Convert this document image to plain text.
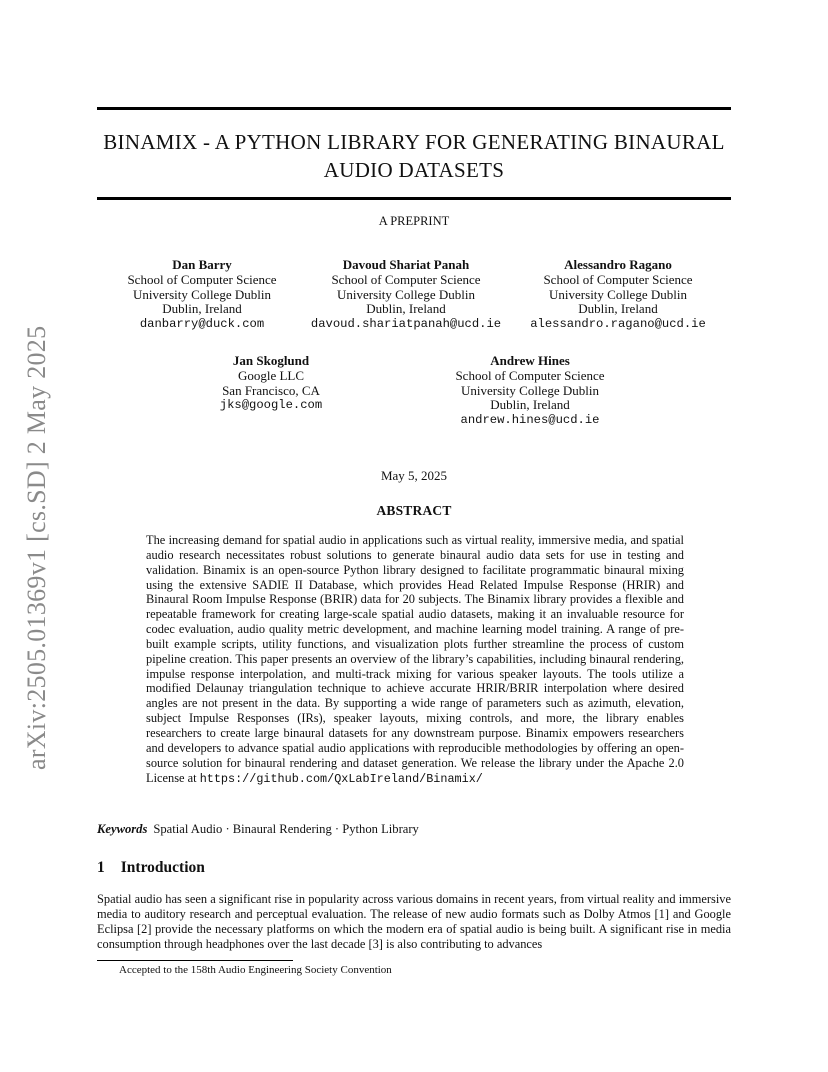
arXiv:2505.01369v1 [cs.SD] 2 May 2025
BINAMIX - A PYTHON LIBRARY FOR GENERATING BINAURAL
AUDIO DATASETS
A PREPRINT
Dan Barry
School of Computer Science
University College Dublin
Dublin, Ireland
danbarry@duck.com
Davoud Shariat Panah
School of Computer Science
University College Dublin
Dublin, Ireland
davoud.shariatpanah@ucd.ie
Alessandro Ragano
School of Computer Science
University College Dublin
Dublin, Ireland
alessandro.ragano@ucd.ie
Jan Skoglund
Google LLC
San Francisco, CA
jks@google.com
Andrew Hines
School of Computer Science
University College Dublin
Dublin, Ireland
andrew.hines@ucd.ie
May 5, 2025
ABSTRACT

The increasing demand for spatial audio in applications such as virtual reality, immersive media, and spatial audio research necessitates robust solutions to generate binaural audio data sets for use in testing and validation. Binamix is an open-source Python library designed to facilitate programmatic binaural mixing using the extensive SADIE II Database, which provides Head Related Impulse Response (HRIR) and Binaural Room Impulse Response (BRIR) data for 20 subjects. The Binamix library provides a flexible and repeatable framework for creating large-scale spatial audio datasets, making it an invaluable resource for codec evaluation, audio quality metric development, and machine learning model training. A range of pre-built example scripts, utility functions, and visualization plots further streamline the process of custom pipeline creation. This paper presents an overview of the library’s capabilities, including binaural rendering, impulse response interpolation, and multi-track mixing for various speaker layouts. The tools utilize a modified Delaunay triangulation technique to achieve accurate HRIR/BRIR interpolation where desired angles are not present in the data. By supporting a wide range of parameters such as azimuth, elevation, subject Impulse Responses (IRs), speaker layouts, mixing controls, and more, the library enables researchers to create large binaural datasets for any downstream purpose. Binamix empowers researchers and developers to advance spatial audio applications with reproducible methodologies by offering an open-source solution for binaural rendering and dataset generation. We release the library under the Apache 2.0 License at https://github.com/QxLabIreland/Binamix/

Keywords Spatial Audio · Binaural Rendering · Python Library
1 Introduction

Spatial audio has seen a significant rise in popularity across various domains in recent years, from virtual reality and immersive media to auditory research and perceptual evaluation. The release of new audio formats such as Dolby Atmos [1] and Google Eclipsa [2] provide the necessary platforms on which the modern era of spatial audio is being built. A significant rise in media consumption through headphones over the last decade [3] is also contributing to advances

Accepted to the 158th Audio Engineering Society Convention
